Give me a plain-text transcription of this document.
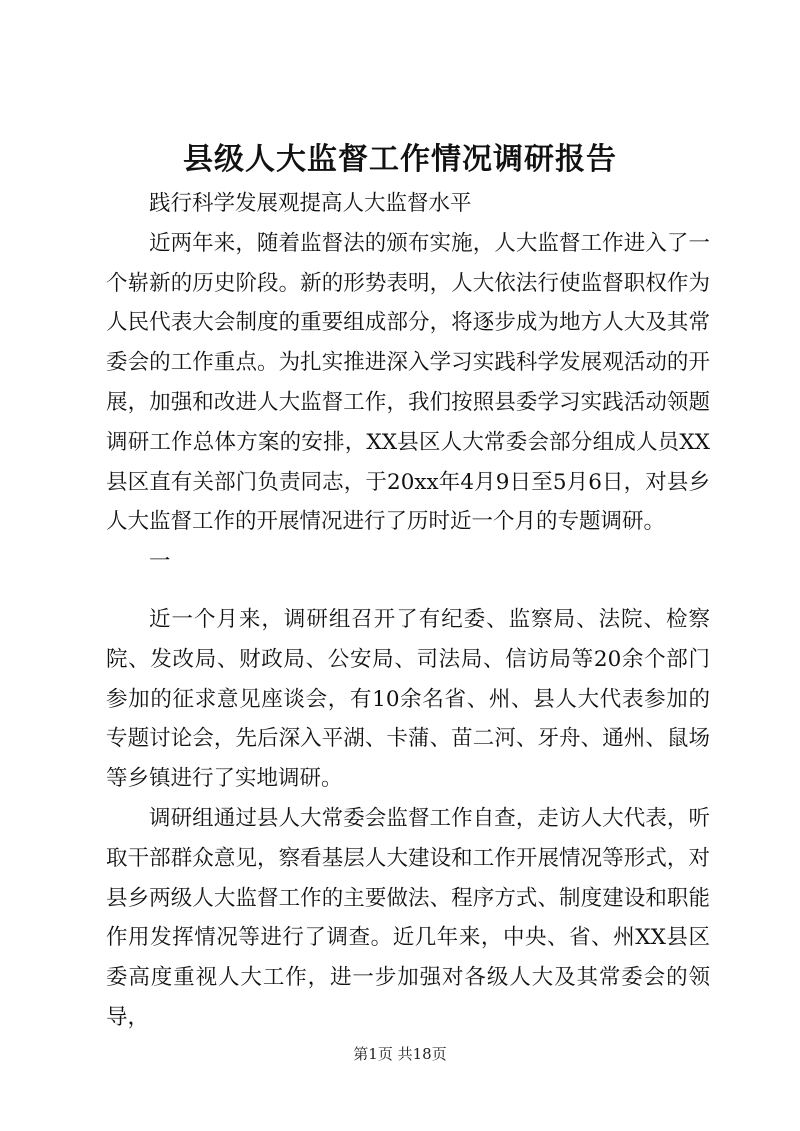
县级人大监督工作情况调研报告

践行科学发展观提高人大监督水平

近两年来，随着监督法的颁布实施，人大监督工作进入了一个崭新的历史阶段。新的形势表明，人大依法行使监督职权作为人民代表大会制度的重要组成部分，将逐步成为地方人大及其常委会的工作重点。为扎实推进深入学习实践科学发展观活动的开展，加强和改进人大监督工作，我们按照县委学习实践活动领题调研工作总体方案的安排，XX县区人大常委会部分组成人员XX县区直有关部门负责同志，于20xx年4月9日至5月6日，对县乡人大监督工作的开展情况进行了历时近一个月的专题调研。

一

近一个月来，调研组召开了有纪委、监察局、法院、检察院、发改局、财政局、公安局、司法局、信访局等20余个部门参加的征求意见座谈会，有10余名省、州、县人大代表参加的专题讨论会，先后深入平湖、卡蒲、苗二河、牙舟、通州、鼠场等乡镇进行了实地调研。

调研组通过县人大常委会监督工作自查，走访人大代表，听取干部群众意见，察看基层人大建设和工作开展情况等形式，对县乡两级人大监督工作的主要做法、程序方式、制度建设和职能作用发挥情况等进行了调查。近几年来，中央、省、州XX县区委高度重视人大工作，进一步加强对各级人大及其常委会的领导，

第1页 共18页
